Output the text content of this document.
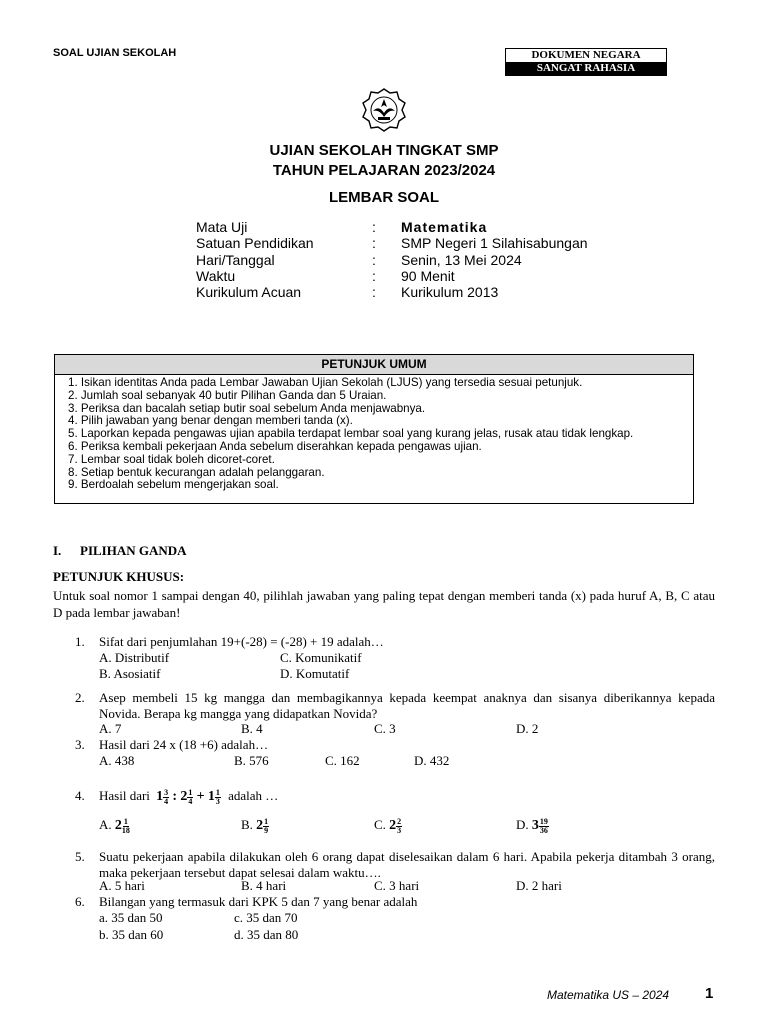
SOAL UJIAN SEKOLAH	DOKUMEN NEGARA
SANGAT RAHASIA
UJIAN SEKOLAH TINGKAT SMP
TAHUN PELAJARAN 2023/2024
LEMBAR SOAL
Mata Uji	:	Matematika
Satuan Pendidikan	:	SMP Negeri 1 Silahisabungan
Hari/Tanggal	:	Senin, 13 Mei 2024
Waktu	:	90 Menit
Kurikulum Acuan	:	Kurikulum 2013
PETUNJUK UMUM
1. Isikan identitas Anda pada Lembar Jawaban Ujian Sekolah (LJUS) yang tersedia sesuai petunjuk.
2. Jumlah soal sebanyak 40 butir Pilihan Ganda dan 5 Uraian.
3. Periksa dan bacalah setiap butir soal sebelum Anda menjawabnya.
4. Pilih jawaban yang benar dengan memberi tanda (x).
5. Laporkan kepada pengawas ujian apabila terdapat lembar soal yang kurang jelas, rusak atau tidak lengkap.
6. Periksa kembali pekerjaan Anda sebelum diserahkan kepada pengawas ujian.
7. Lembar soal tidak boleh dicoret-coret.
8. Setiap bentuk kecurangan adalah pelanggaran.
9. Berdoalah sebelum mengerjakan soal.
I. PILIHAN GANDA
PETUNJUK KHUSUS:
Untuk soal nomor 1 sampai dengan 40, pilihlah jawaban yang paling tepat dengan memberi tanda (x) pada huruf A, B, C atau D pada lembar jawaban!
1. Sifat dari penjumlahan 19+(-28) = (-28) + 19 adalah…
A. Distributif	C. Komunikatif
B. Asosiatif	D. Komutatif
2. Asep membeli 15 kg mangga dan membagikannya kepada keempat anaknya dan sisanya diberikannya kepada Novida. Berapa kg mangga yang didapatkan Novida?
A. 7	B. 4	C. 3	D. 2
3. Hasil dari 24 x (18 +6) adalah…
A. 438	B. 576	C. 162	D. 432
4. Hasil dari $1 \frac{3}{4}$ : $2 \frac{1}{4} + 1 \frac{1}{3}$ adalah …
A. $2 \frac{1}{18}$	B. $2 \frac{1}{9}$	C. $2 \frac{2}{3}$	D. $3 \frac{19}{36}$
5. Suatu pekerjaan apabila dilakukan oleh 6 orang dapat diselesaikan dalam 6 hari. Apabila pekerja ditambah 3 orang, maka pekerjaan tersebut dapat selesai dalam waktu….
A. 5 hari	B. 4 hari	C. 3 hari	D. 2 hari
6. Bilangan yang termasuk dari KPK 5 dan 7 yang benar adalah
a. 35 dan 50	c. 35 dan 70
b. 35 dan 60	d. 35 dan 80
Matematika US – 2024 1
